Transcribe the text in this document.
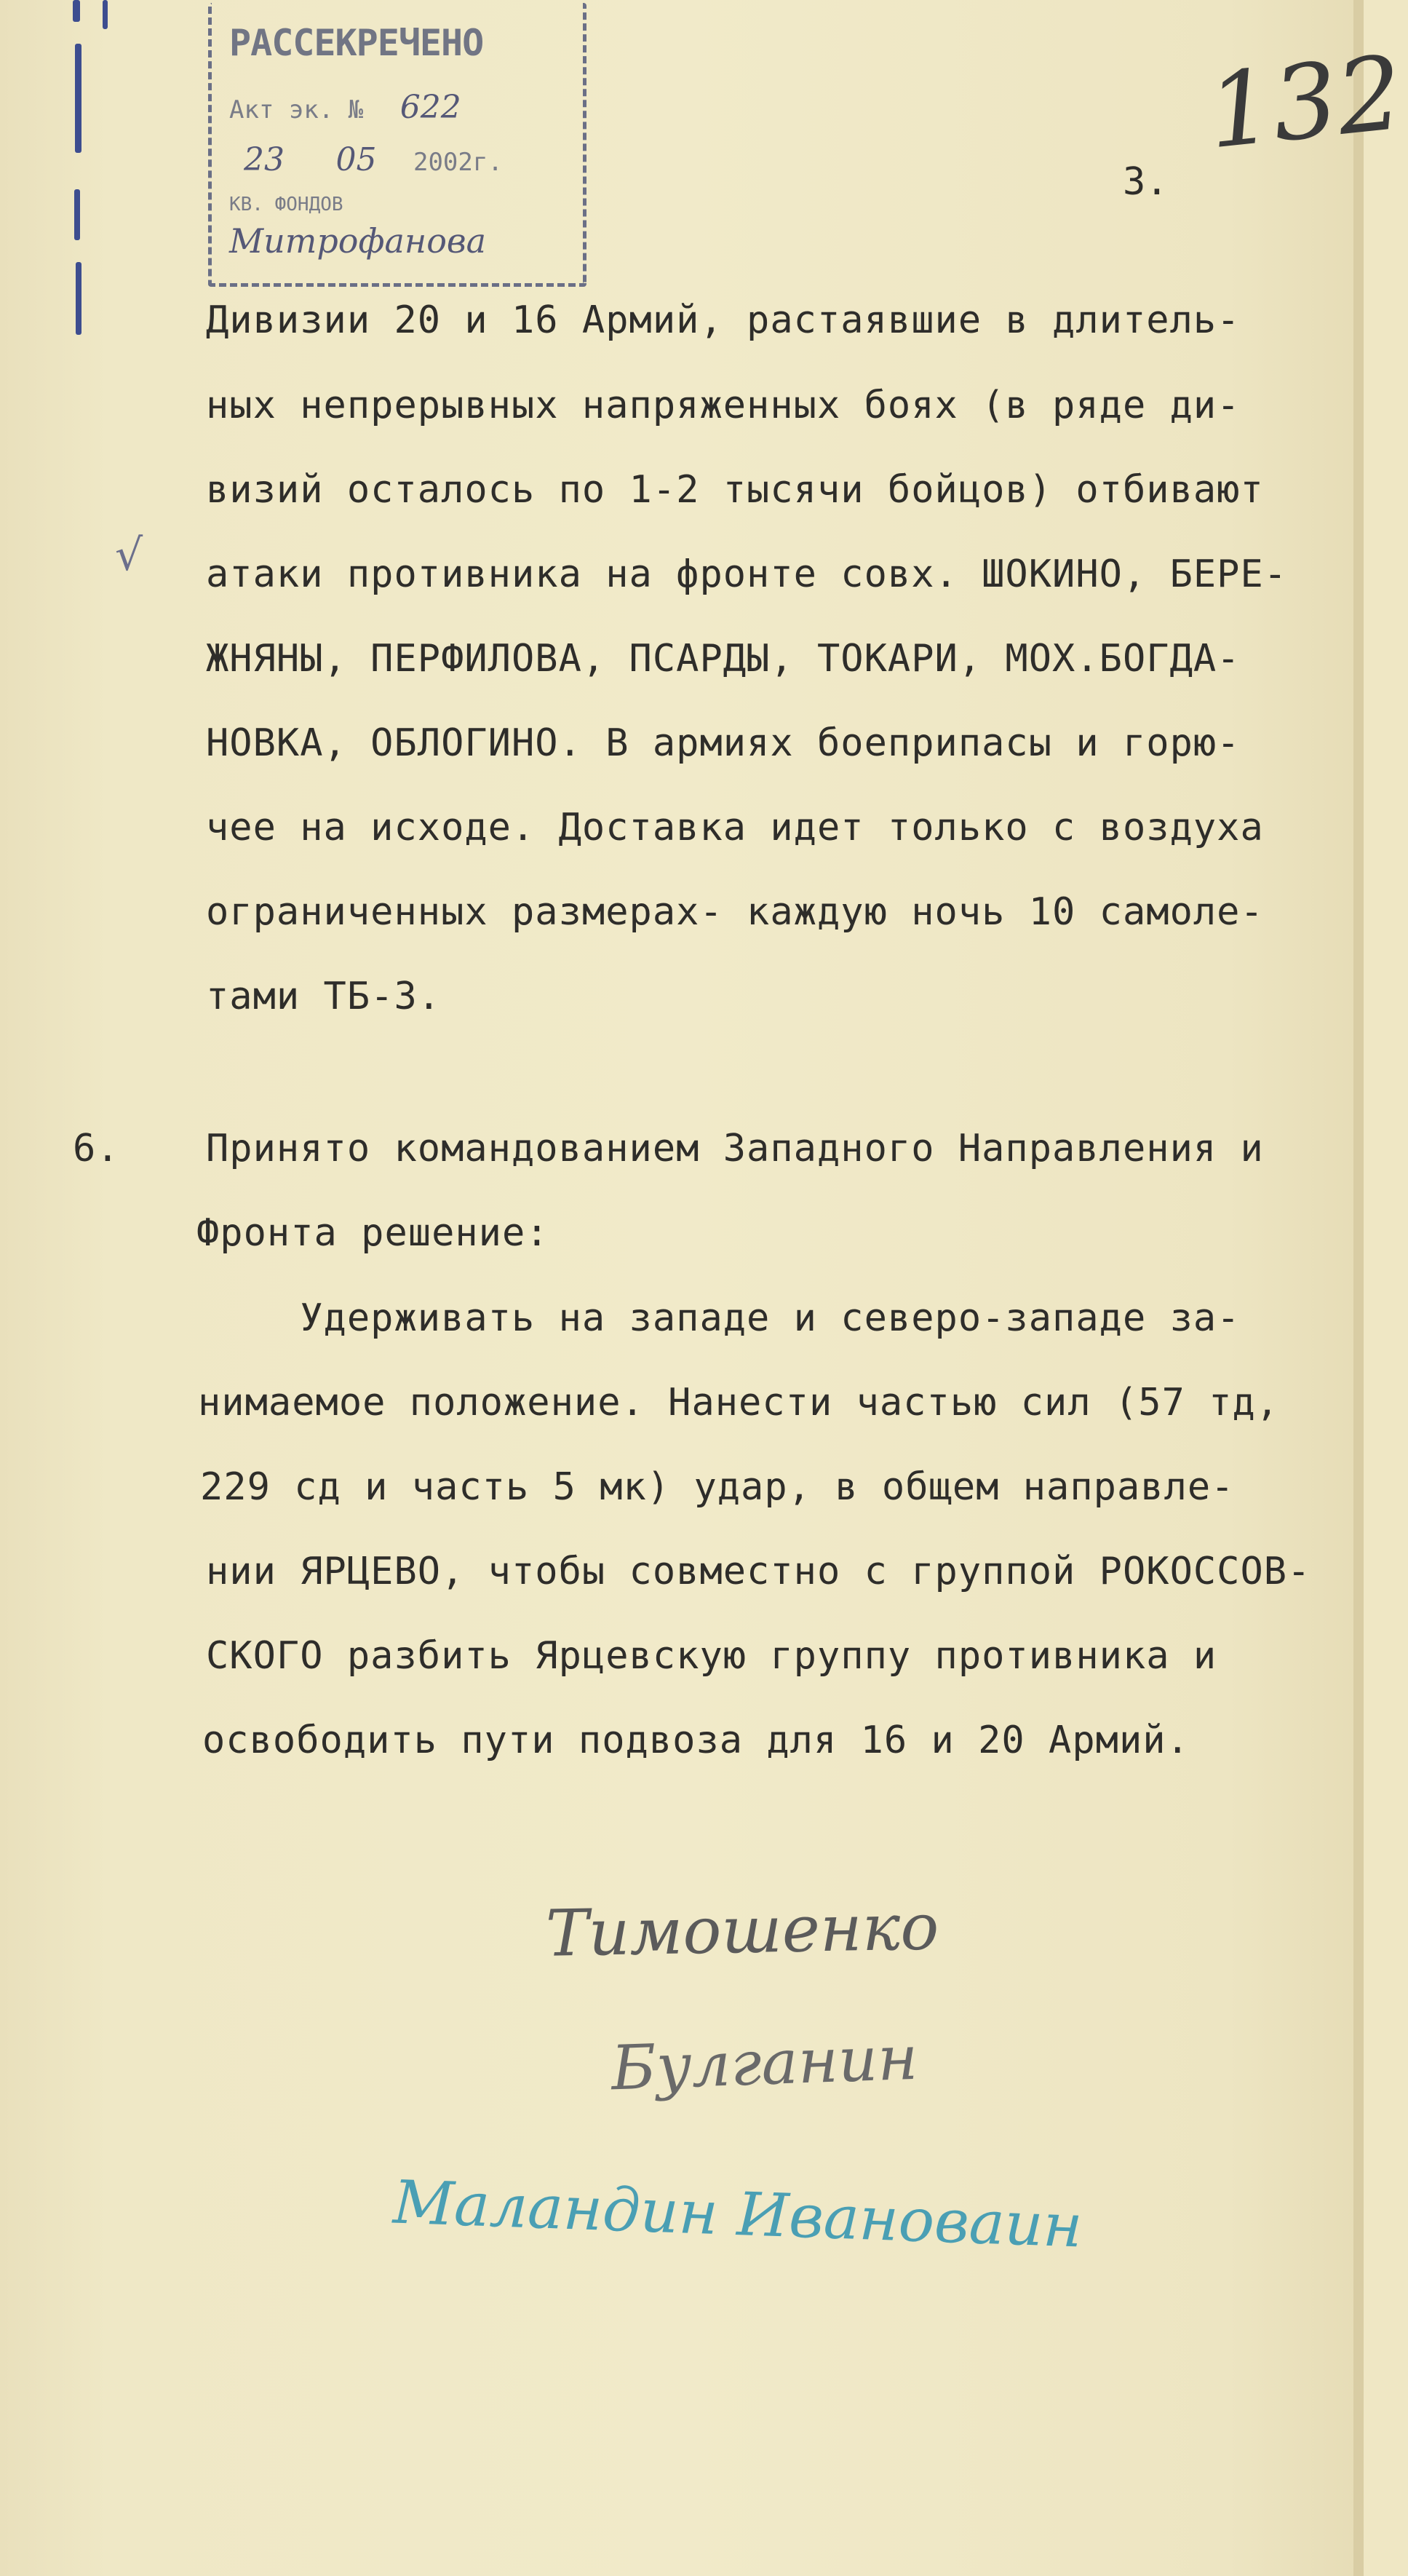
РАССЕКРЕЧЕНО
Акт эк. № 622
23 05 2002г.
КВ. ФОНДОВ
Митрофанова
132
3.
√
Дивизии 20 и 16 Армий, растаявшие в длитель-
ных непрерывных напряженных боях (в ряде ди-
визий осталось по 1-2 тысячи бойцов) отбивают
атаки противника на фронте совх. ШОКИНО, БЕРЕ-
ЖНЯНЫ, ПЕРФИЛОВА, ПСАРДЫ, ТОКАРИ, МОХ.БОГДА-
НОВКА, ОБЛОГИНО. В армиях боеприпасы и горю-
чее на исходе. Доставка идет только с воздуха
ограниченных размерах- каждую ночь 10 самоле-
тами ТБ-3.
6. Принято командованием Западного Направления и
Фронта решение:
Удерживать на западе и северо-западе за-
нимаемое положение. Нанести частью сил (57 тд,
229 сд и часть 5 мк) удар, в общем направле-
нии ЯРЦЕВО, чтобы совместно с группой РОКОССОВ-
СКОГО разбить Ярцевскую группу противника и
освободить пути подвоза для 16 и 20 Армий.
Тимошенко
Булганин
Маландин Ивановаин
